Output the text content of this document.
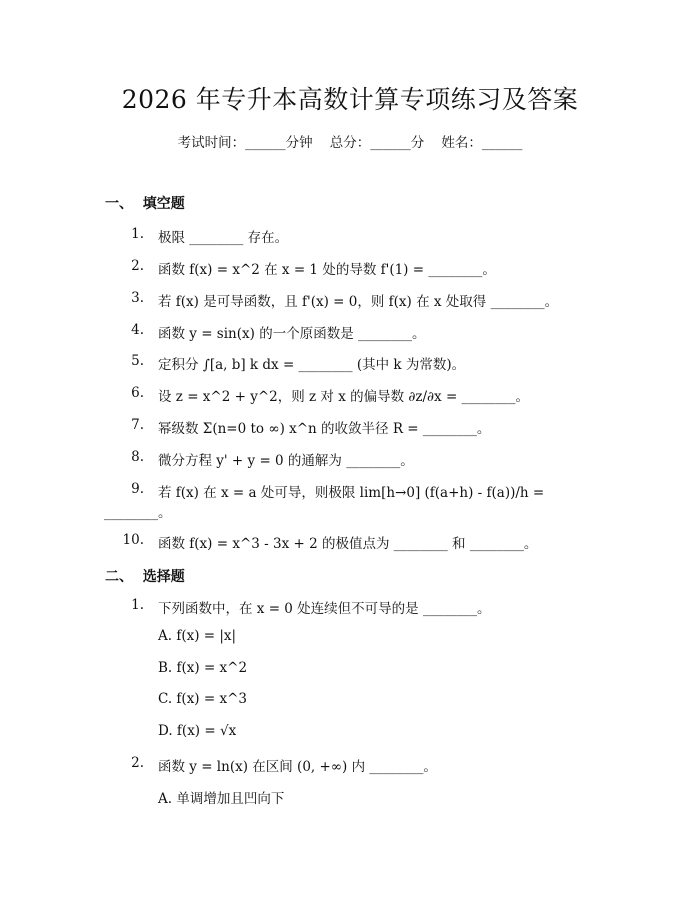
2026 年专升本高数计算专项练习及答案
考试时间：______分钟    总分：______分    姓名：______
一、  填空题
1. 极限 ________ 存在。
2. 函数 f(x) = x^2 在 x = 1 处的导数 f'(1) = ________。
3. 若 f(x) 是可导函数，且 f'(x) = 0，则 f(x) 在 x 处取得 ________。
4. 函数 y = sin(x) 的一个原函数是 ________。
5. 定积分 ∫[a, b] k dx = ________ (其中 k 为常数)。
6. 设 z = x^2 + y^2，则 z 对 x 的偏导数 ∂z/∂x = ________。
7. 幂级数 Σ(n=0 to ∞) x^n 的收敛半径 R = ________。
8. 微分方程 y' + y = 0 的通解为 ________。
9. 若 f(x) 在 x = a 处可导，则极限 lim[h→0] (f(a+h) - f(a))/h =
________。
10. 函数 f(x) = x^3 - 3x + 2 的极值点为 ________ 和 ________。
二、  选择题
1. 下列函数中，在 x = 0 处连续但不可导的是 ________。
A. f(x) = |x|
B. f(x) = x^2
C. f(x) = x^3
D. f(x) = √x
2. 函数 y = ln(x) 在区间 (0, +∞) 内 ________。
A. 单调增加且凹向下
